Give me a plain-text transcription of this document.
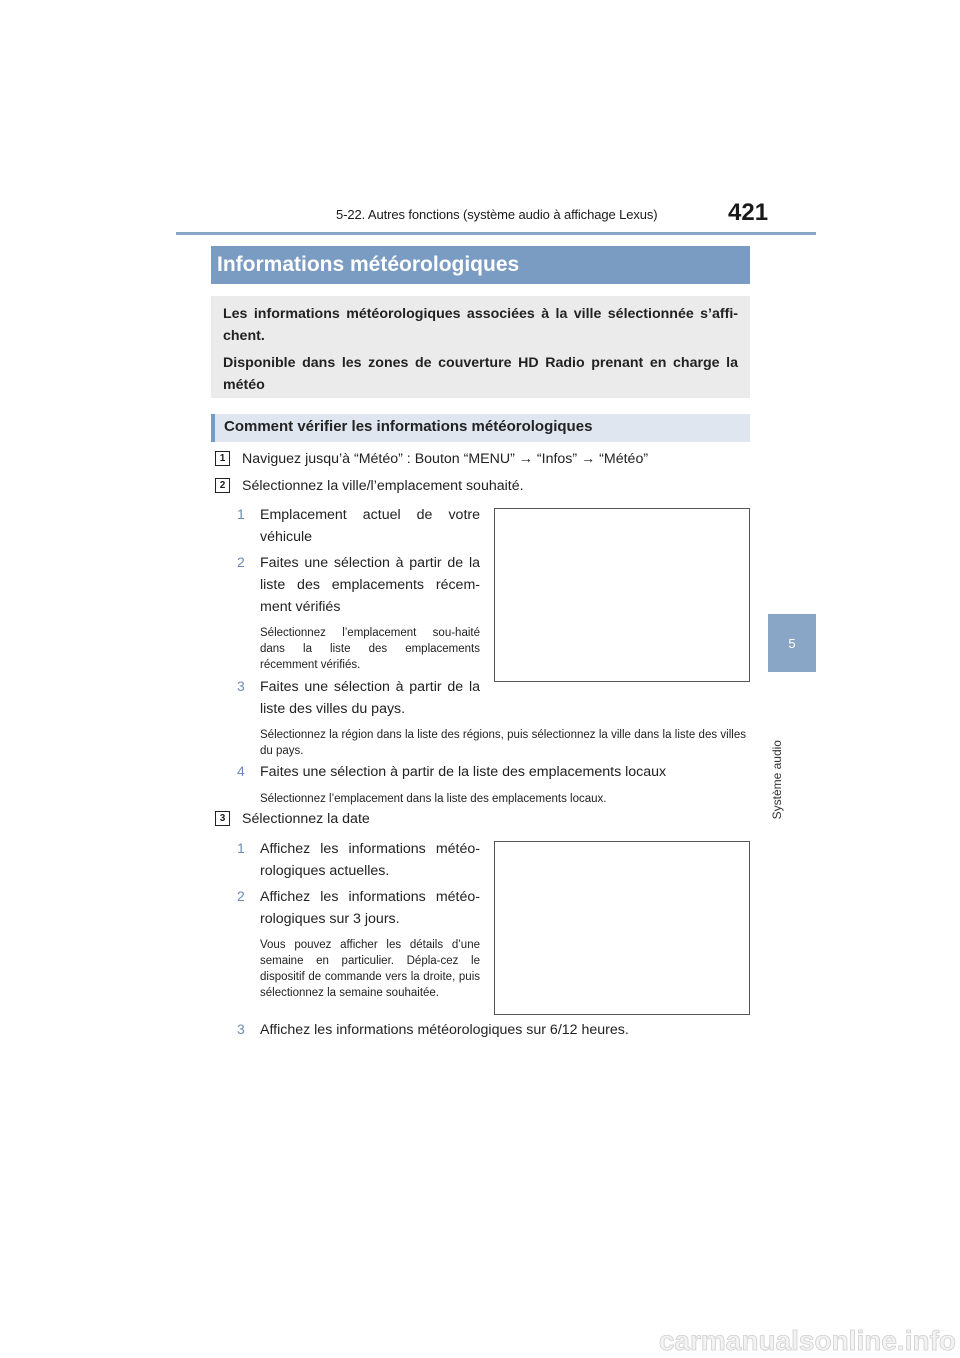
5-22. Autres fonctions (système audio à affichage Lexus)	421
5
Système audio
Informations météorologiques

Les informations météorologiques associées à la ville sélectionnée s’affi-chent.

Disponible dans les zones de couverture HD Radio prenant en charge la météo

Comment vérifier les informations météorologiques
1	Naviguez jusqu’à “Météo” : Bouton “MENU” → “Infos” → “Météo”
2	Sélectionnez la ville/l’emplacement souhaité.
1 Emplacement actuel de votre véhicule
2 Faites une sélection à partir de la liste des emplacements récem-ment vérifiés
Sélectionnez l’emplacement sou-haité dans la liste des emplacements récemment vérifiés.
3 Faites une sélection à partir de la liste des villes du pays.
Sélectionnez la région dans la liste des régions, puis sélectionnez la ville dans la liste des villes du pays.
4 Faites une sélection à partir de la liste des emplacements locaux
Sélectionnez l’emplacement dans la liste des emplacements locaux.
3	Sélectionnez la date
1 Affichez les informations météo-rologiques actuelles.
2 Affichez les informations météo-rologiques sur 3 jours.
Vous pouvez afficher les détails d’une semaine en particulier. Dépla-cez le dispositif de commande vers la droite, puis sélectionnez la semaine souhaitée.
3 Affichez les informations météorologiques sur 6/12 heures.
carmanualsonline.info
